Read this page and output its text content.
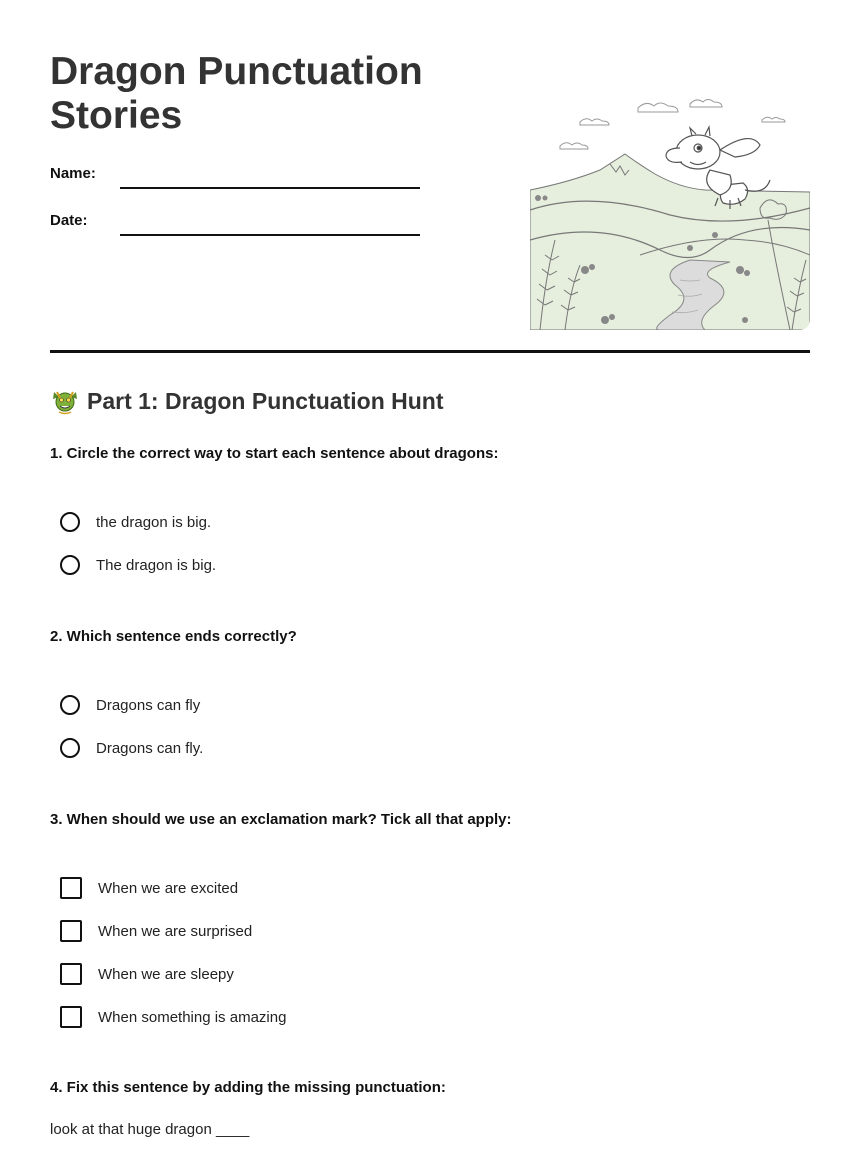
Dragon Punctuation Stories
Name:
Date:
Part 1: Dragon Punctuation Hunt
1. Circle the correct way to start each sentence about dragons:
the dragon is big.
The dragon is big.
2. Which sentence ends correctly?
Dragons can fly
Dragons can fly.
3. When should we use an exclamation mark? Tick all that apply:
When we are excited
When we are surprised
When we are sleepy
When something is amazing
4. Fix this sentence by adding the missing punctuation:
look at that huge dragon ____
